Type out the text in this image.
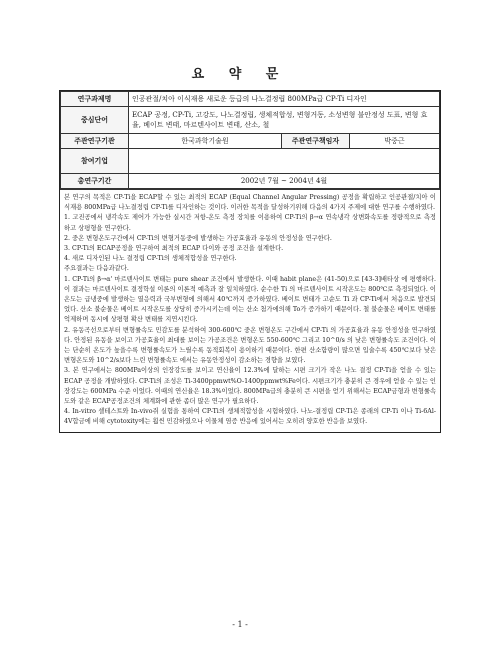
요 약 문
연구과제명	인공관절/치아 이식재용 새로운 등급의 나노결정립 800MPa급 CP-Ti 디자인		
중심단어	ECAP 공정, CP-Ti, 고강도, 나노결정립, 생체적합성, 변형거동, 소성변형 불안정성 도표, 변형 효율, 베이트 변태, 마르텐사이트 변태, 산소, 철		
주관연구기관	한국과학기술원	주관연구책임자	박중근
참여기업			
총연구기간	2002년 7월 ~ 2004년 4월		

본 연구의 목적은 CP-Ti을 ECAP할 수 있는 최적의 ECAP (Equal Channel Angular Pressing) 공정을 확립하고 인공관절/치아 이식재용 800MPa급 나노결정립 CP-Ti를 디자인하는 것이다. 이러한 목적을 달성하기위해 다음의 4가지 주제에 대한 연구를 수행하였다.

1. 고진공에서 냉각속도 제어가 가능한 실시간 저항-온도 측정 장치를 이용하여 CP-Ti의 β→α 연속냉각 상변화속도를 정량적으로 측정하고 상평형을 연구한다.

2. 중온 변형온도구간에서 CP-Ti의 변형거동중에 발생하는 가공효율과 유동의 안정성을 연구한다.

3. CP-Ti의 ECAP공정을 연구하여 최적의 ECAP 다이와 공정 조건을 설계한다.

4. 새로 디자인된 나노 결정립 CP-Ti의 생체적합성을 연구한다.

주요결과는 다음과같다.

1. CP-Ti의 β→α' 마르텐사이트 변태는 pure shear 조건에서 발생한다. 이때 habit plane은 (41-50)으로 [43-3]배타상 에 평행하다. 이 결과는 마르텐사이트 결정학설 이론의 이론적 예측과 잘 일치하였다. 순수한 Ti 의 마르텐사이트 시작온도는 800℃로 측정되었다. 이온도는 급냉중에 발생하는 열응력과 국부변형에 의해서 40℃까지 증가하였다. 베이트 변태가 고순도 Ti 과 CP-Ti에서 처음으로 발견되었다. 산소 불순물은 베이트 시작온도를 상당히 증가시키는데 이는 산소 첨가에의해 To가 증가하기 때문이다. 철 불순물은 베이트 변태를 억제하며 동시에 상평형 확산 변태를 지연시킨다.

2. 유동곡선으로부터 변형률속도 민감도를 분석하여 300-600℃ 중온 변형온도 구간에서 CP-Ti 의 가공효율과 유동 안정성을 연구하였다. 안정된 유동을 보이고 가공효율이 최대를 보이는 가공조건은 변형온도 550-600℃ 그리고 10^0/s 의 낮은 변형률속도 조건이다. 이는 단순히 온도가 높을수록 변형률속도가 느릴수록 동적회복이 용이하기 때문이다. 한편 산소함량이 많으면 입술수록 450℃보다 낮은 변형온도와 10^2/s보다 느린 변형률속도 에서는 유동안정성이 감소하는 경향을 보였다.

3. 본 연구에서는 800MPa이상의 인장강도를 보이고 연신율이 12.3%에 달하는 시편 크기가 작은 나노 결정 CP-Ti을 얻을 수 있는 ECAP 공정을 개발하였다. CP-Ti의 조성은 Ti-3400ppmwt%O-1400ppmwt%Fe이다. 시편크기가 충분히 큰 경우에 얻을 수 있는 인장강도는 600MPa 수준 이었다. 이때의 연신율은 18.3%이었다. 800MPa급의 충분히 큰 시편을 얻기 위해서는 ECAP금형과 변형률속도와 같은 ECAP공정조건의 체계화에 관한 좀더 많은 연구가 필요하다.

4. In-vitro 셀테스트와 In-vivo쥐 실험을 통하여 CP-Ti의 생체적합성을 시험하였다. 나노-결정립 CP-Ti은 종래의 CP-Ti 이나 Ti-6Al-4V합금에 비해 cytotoxity에는 훨씬 민감하였으나 이물체 염증 반응에 있어서는 오히려 양호한 반응을 보였다.

- 1 -
